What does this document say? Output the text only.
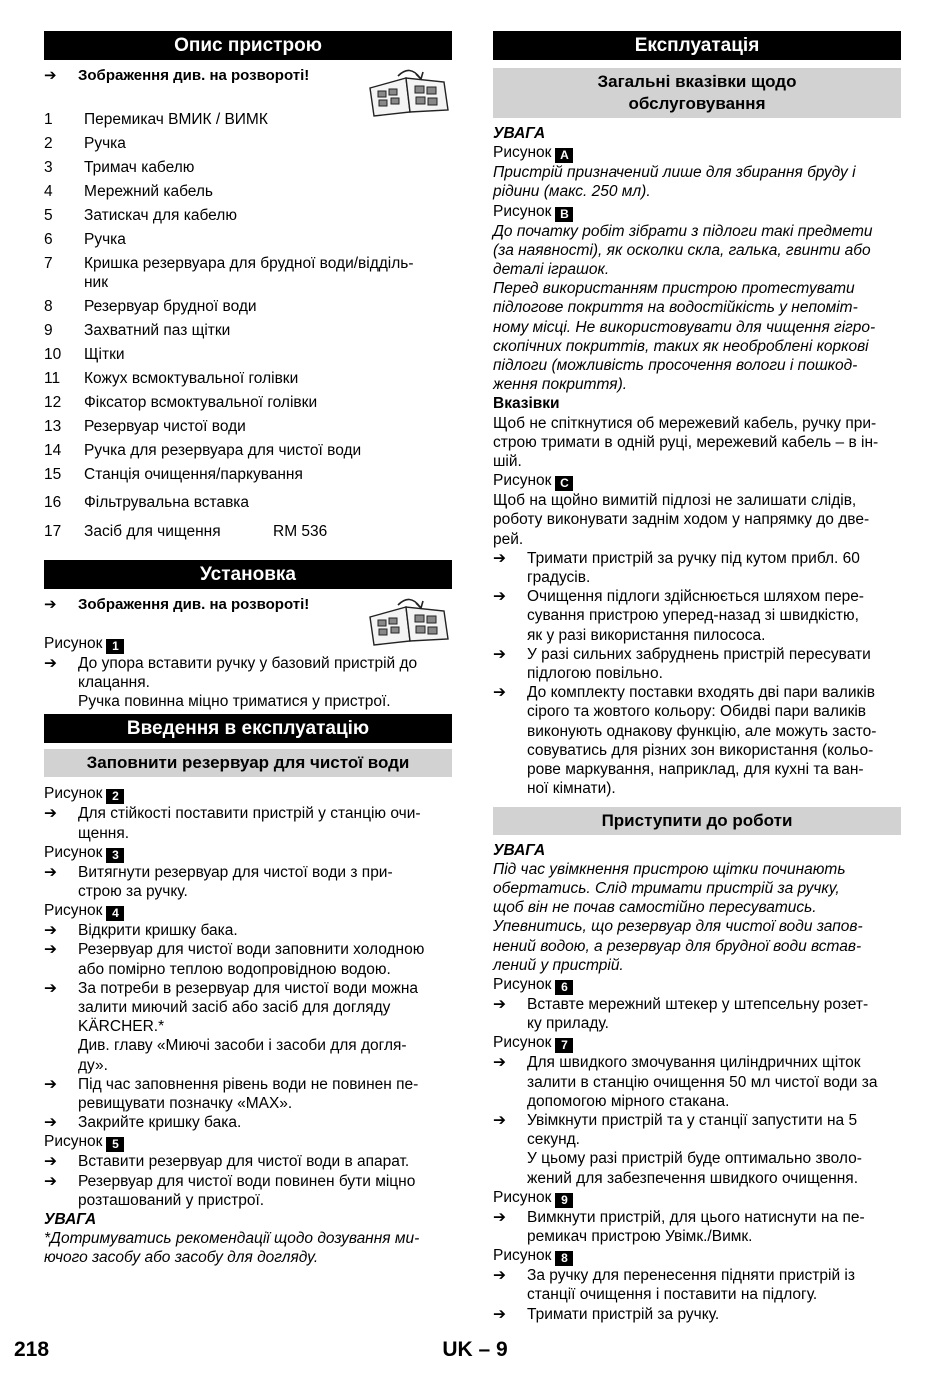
Опис пристрою
➔ Зображення див. на розвороті!
1	Перемикач ВМИК / ВИМК
2	Ручка
3	Тримач кабелю
4	Мережний кабель
5	Затискач для кабелю
6	Ручка
7	Кришка резервуара для брудної води/відділь-
ник
8	Резервуар брудної води
9	Захватний паз щітки
10	Щітки
11	Кожух всмоктувальної голівки
12	Фіксатор всмоктувальної голівки
13	Резервуар чистої води
14	Ручка для резервуара для чистої води
15	Станція очищення/паркування
16	Фільтрувальна вставка
17	Засіб для чищення	RM 536
Установка
➔ Зображення див. на розвороті!
Рисунок 1
➔ До упора вставити ручку у базовий пристрій до
клацання.
Ручка повинна міцно триматися у пристрої.
Введення в експлуатацію
Заповнити резервуар для чистої води
Рисунок 2
➔ Для стійкості поставити пристрій у станцію очи-
щення.
Рисунок 3
➔ Витягнути резервуар для чистої води з при-
строю за ручку.
Рисунок 4
➔ Відкрити кришку бака.
➔ Резервуар для чистої води заповнити холодною
або помірно теплою водопровідною водою.
➔ За потреби в резервуар для чистої води можна
залити миючий засіб або засіб для догляду
KÄRCHER.*
Див. главу «Миючі засоби і засоби для догля-
ду».
➔ Під час заповнення рівень води не повинен пе-
ревищувати позначку «MAX».
➔ Закрийте кришку бака.
Рисунок 5
➔ Вставити резервуар для чистої води в апарат.
➔ Резервуар для чистої води повинен бути міцно
розташований у пристрої.
УВАГА
*Дотримуватись рекомендації щодо дозування ми-
ючого засобу або засобу для догляду.
Експлуатація
Загальні вказівки щодо
обслуговування
УВАГА
Рисунок A
Пристрій призначений лише для збирання бруду і
рідини (макс. 250 мл).
Рисунок B
До початку робіт зібрати з підлоги такі предмети
(за наявності), як осколки скла, галька, гвинти або
деталі іграшок.
Перед використанням пристрою протестувати
підлогове покриття на водостійкість у непоміт-
ному місці. Не використовувати для чищення гігро-
скопічних покриттів, таких як необроблені коркові
підлоги (можливість просочення вологи і пошкод-
ження покриття).
Вказівки
Щоб не спіткнутися об мережевий кабель, ручку при-
строю тримати в одній руці, мережевий кабель – в ін-
шій.
Рисунок C
Щоб на щойно вимитій підлозі не залишати слідів,
роботу виконувати заднім ходом у напрямку до две-
рей.
➔ Тримати пристрій за ручку під кутом прибл. 60
градусів.
➔ Очищення підлоги здійснюється шляхом пере-
сування пристрою уперед-назад зі швидкістю,
як у разі використання пилососа.
➔ У разі сильних забруднень пристрій пересувати
підлогою повільно.
➔ До комплекту поставки входять дві пари валиків
сірого та жовтого кольору: Обидві пари валиків
виконують однакову функцію, але можуть засто-
совуватись для різних зон використання (кольо-
рове маркування, наприклад, для кухні та ван-
ної кімнати).
Приступити до роботи
УВАГА
Під час увімкнення пристрою щітки починають
обертатись. Слід тримати пристрій за ручку,
щоб він не почав самостійно пересуватись.
Упевнитись, що резервуар для чистої води запов-
нений водою, а резервуар для брудної води встав-
лений у пристрій.
Рисунок 6
➔ Вставте мережний штекер у штепсельну розет-
ку приладу.
Рисунок 7
➔ Для швидкого змочування циліндричних щіток
залити в станцію очищення 50 мл чистої води за
допомогою мірного стакана.
➔ Увімкнути пристрій та у станції запустити на 5
секунд.
У цьому разі пристрій буде оптимально зволо-
жений для забезпечення швидкого очищення.
Рисунок 9
➔ Вимкнути пристрій, для цього натиснути на пе-
ремикач пристрою Увімк./Вимк.
Рисунок 8
➔ За ручку для перенесення підняти пристрій із
станції очищення і поставити на підлогу.
➔ Тримати пристрій за ручку.
218	UK – 9
